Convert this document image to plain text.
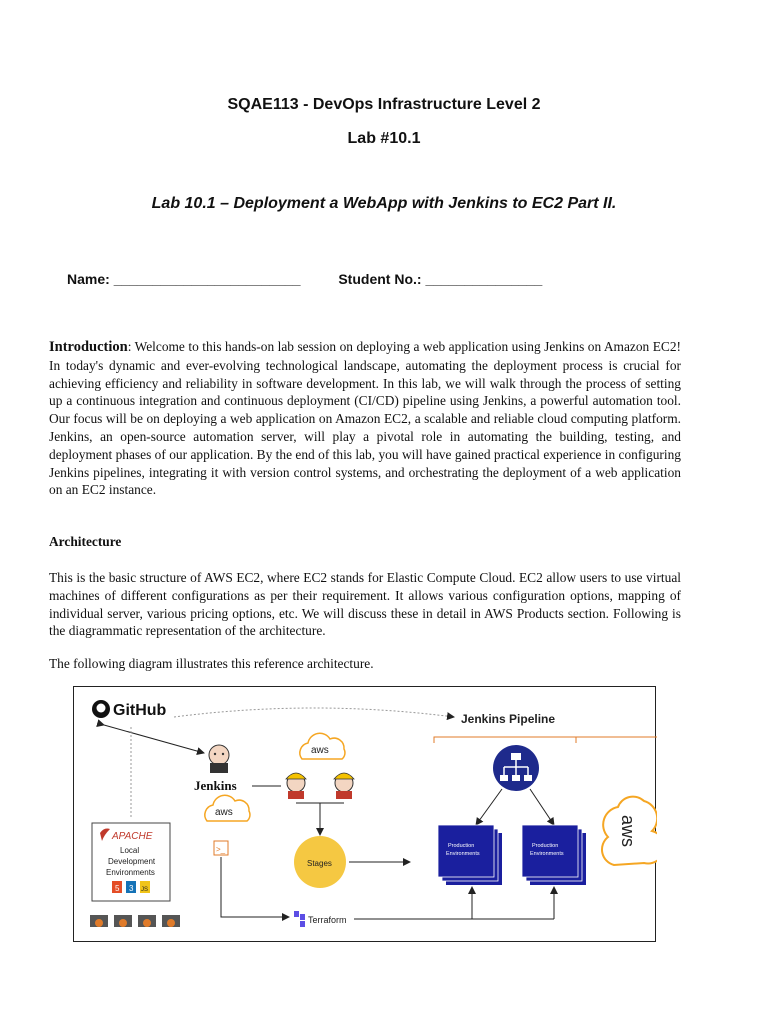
SQAE113 - DevOps Infrastructure Level 2
Lab #10.1
Lab 10.1 – Deployment a WebApp with Jenkins to EC2 Part II.
Name: ________________________	Student No.: _______________

Introduction: Welcome to this hands-on lab session on deploying a web application using Jenkins on Amazon EC2! In today's dynamic and ever-evolving technological landscape, automating the deployment process is crucial for achieving efficiency and reliability in software development. In this lab, we will walk through the process of setting up a continuous integration and continuous deployment (CI/CD) pipeline using Jenkins, a powerful automation tool. Our focus will be on deploying a web application on Amazon EC2, a scalable and reliable cloud computing platform. Jenkins, an open-source automation server, will play a pivotal role in automating the building, testing, and deployment phases of our application. By the end of this lab, you will have gained practical experience in configuring Jenkins pipelines, integrating it with version control systems, and orchestrating the deployment of a web application on an EC2 instance.

Architecture

This is the basic structure of AWS EC2, where EC2 stands for Elastic Compute Cloud. EC2 allow users to use virtual machines of different configurations as per their requirement. It allows various configuration options, mapping of individual server, various pricing options, etc. We will discuss these in detail in AWS Products section. Following is the diagrammatic representation of the architecture.

The following diagram illustrates this reference architecture.

GitHub	Jenkins Pipeline
Jenkins
aws
aws
>_
APACHE
Local
Development
Environments
5 3 JS
Stages
Terraform
Production
Environments
Production
Environments
aws
